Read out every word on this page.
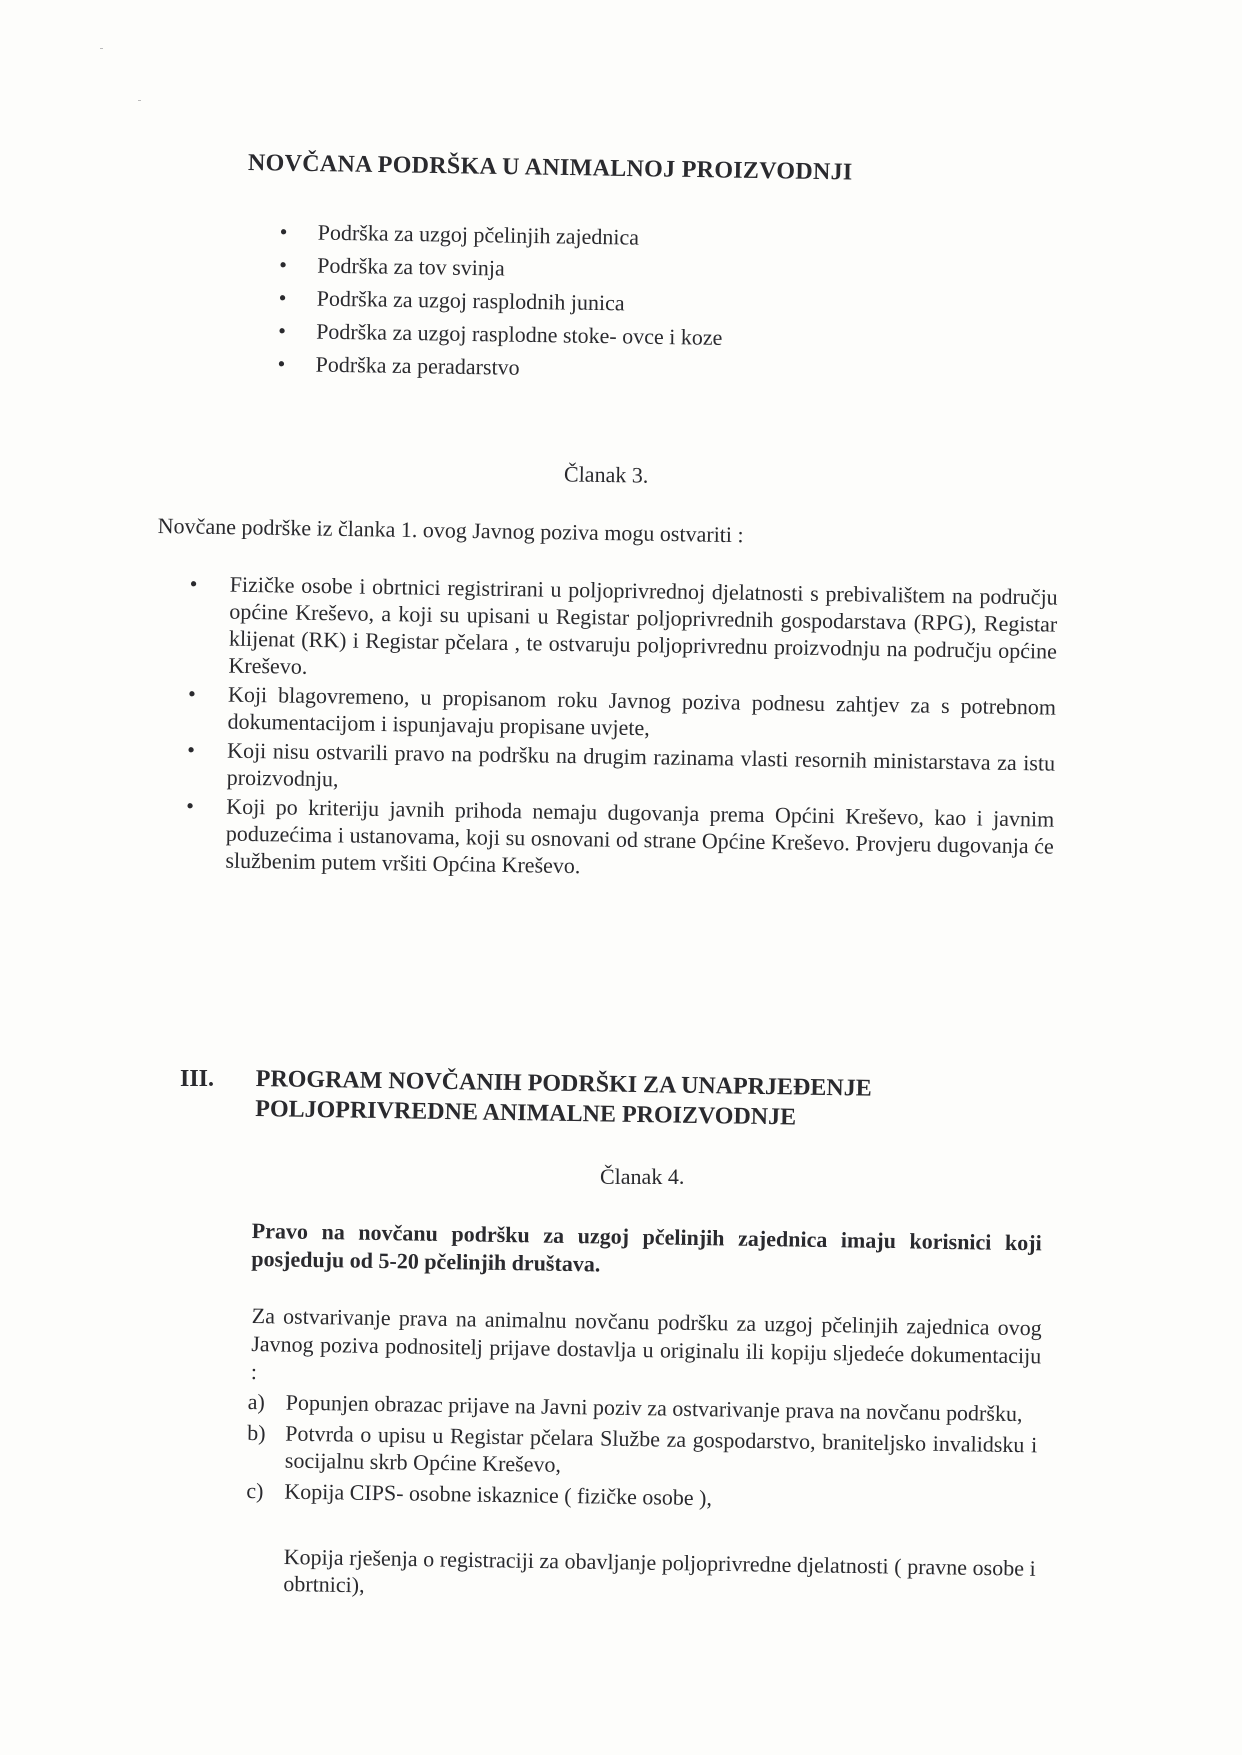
NOVČANA PODRŠKA U ANIMALNOJ PROIZVODNJI
• Podrška za uzgoj pčelinjih zajednica
• Podrška za tov svinja
• Podrška za uzgoj rasplodnih junica
• Podrška za uzgoj rasplodne stoke- ovce i koze
• Podrška za peradarstvo
Članak 3.
Novčane podrške iz članka 1. ovog Javnog poziva mogu ostvariti :
• Fizičke osobe i obrtnici registrirani u poljoprivrednoj djelatnosti s prebivalištem na području općine Kreševo, a koji su upisani u Registar poljoprivrednih gospodarstava (RPG), Registar klijenat (RK) i Registar pčelara , te ostvaruju poljoprivrednu proizvodnju na području općine Kreševo.
• Koji blagovremeno, u propisanom roku Javnog poziva podnesu zahtjev za s potrebnom dokumentacijom i ispunjavaju propisane uvjete,
• Koji nisu ostvarili pravo na podršku na drugim razinama vlasti resornih ministarstava za istu proizvodnju,
• Koji po kriteriju javnih prihoda nemaju dugovanja prema Općini Kreševo, kao i javnim poduzećima i ustanovama, koji su osnovani od strane Općine Kreševo. Provjeru dugovanja će službenim putem vršiti Općina Kreševo.
III. PROGRAM NOVČANIH PODRŠKI ZA UNAPRJEĐENJE
POLJOPRIVREDNE ANIMALNE PROIZVODNJE
Članak 4.
Pravo na novčanu podršku za uzgoj pčelinjih zajednica imaju korisnici koji posjeduju od 5-20 pčelinjih društava.
Za ostvarivanje prava na animalnu novčanu podršku za uzgoj pčelinjih zajednica ovog Javnog poziva podnositelj prijave dostavlja u originalu ili kopiju sljedeće dokumentaciju :
a) Popunjen obrazac prijave na Javni poziv za ostvarivanje prava na novčanu podršku,
b) Potvrda o upisu u Registar pčelara Službe za gospodarstvo, braniteljsko invalidsku i socijalnu skrb Općine Kreševo,
c) Kopija CIPS- osobne iskaznice ( fizičke osobe ),
Kopija rješenja o registraciji za obavljanje poljoprivredne djelatnosti ( pravne osobe i obrtnici),
